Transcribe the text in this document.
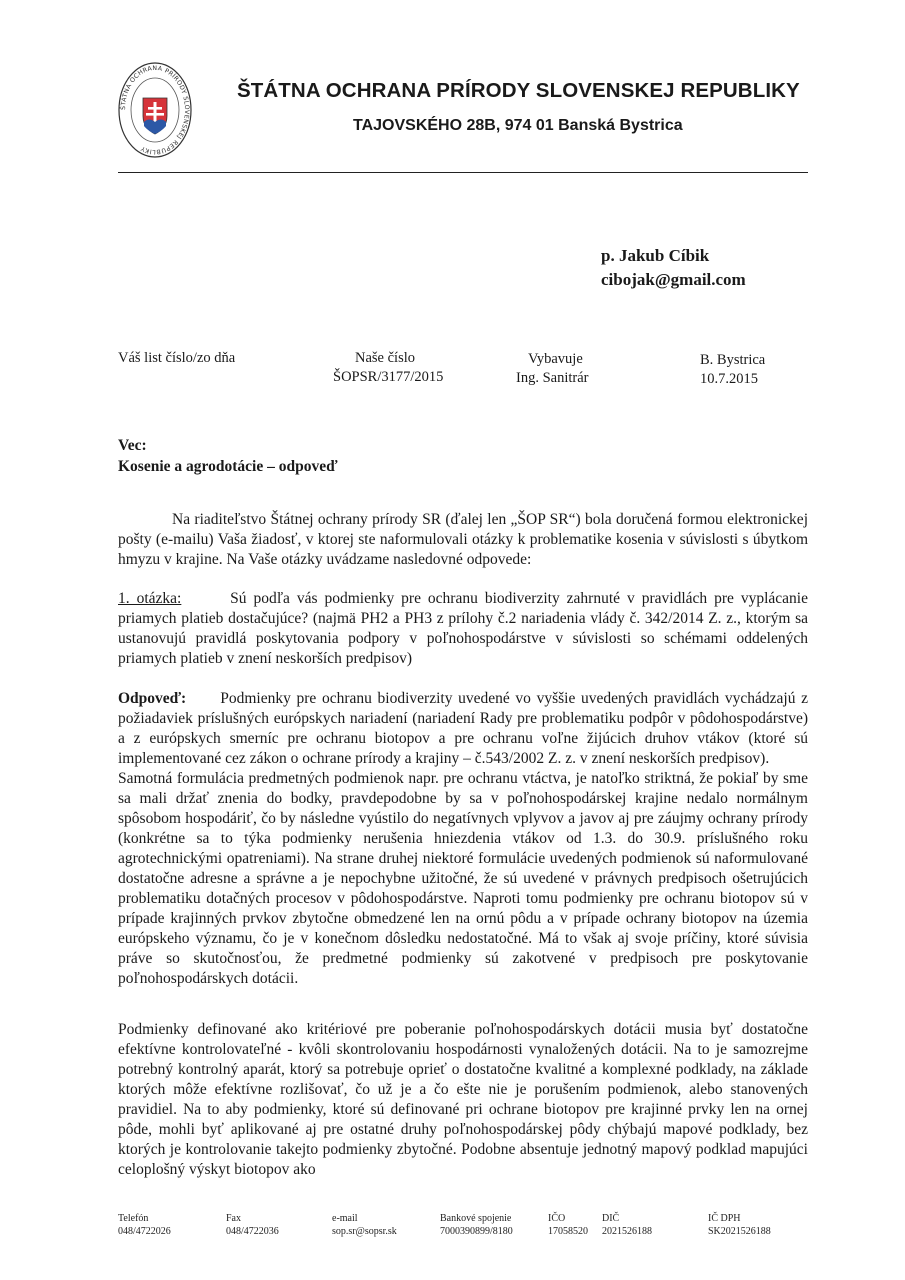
ŠTÁTNA OCHRANA PRÍRODY SLOVENSKEJ REPUBLIKY
ŠTÁTNA OCHRANA PRÍRODY SLOVENSKEJ REPUBLIKY
TAJOVSKÉHO 28B, 974 01 Banská Bystrica
p. Jakub Cíbik
cibojak@gmail.com
Váš list číslo/zo dňa	Naše číslo
ŠOPSR/3177/2015
Vybavuje
Ing. Sanitrár
B. Bystrica
10.7.2015
Vec:
Kosenie a agrodotácie – odpoveď

Na riaditeľstvo Štátnej ochrany prírody SR (ďalej len „ŠOP SR“) bola doručená formou elektronickej pošty (e-mailu) Vaša žiadosť, v ktorej ste naformulovali otázky k problematike kosenia v súvislosti s úbytkom hmyzu v krajine. Na Vaše otázky uvádzame nasledovné odpovede:

1. otázka:	Sú podľa vás podmienky pre ochranu biodiverzity zahrnuté v pravidlách pre vyplácanie priamych platieb dostačujúce? (najmä PH2 a PH3 z prílohy č.2 nariadenia vlády č. 342/2014 Z. z., ktorým sa ustanovujú pravidlá poskytovania podpory v poľnohospodárstve v súvislosti so schémami oddelených priamych platieb v znení neskorších predpisov)

Odpoveď: Podmienky pre ochranu biodiverzity uvedené vo vyššie uvedených pravidlách vychádzajú z požiadaviek príslušných európskych nariadení (nariadení Rady pre problematiku podpôr v pôdohospodárstve) a z európskych smerníc pre ochranu biotopov a pre ochranu voľne žijúcich druhov vtákov (ktoré sú implementované cez zákon o ochrane prírody a krajiny – č.543/2002 Z. z. v znení neskorších predpisov).

Samotná formulácia predmetných podmienok napr. pre ochranu vtáctva, je natoľko striktná, že pokiaľ by sme sa mali držať znenia do bodky, pravdepodobne by sa v poľnohospodárskej krajine nedalo normálnym spôsobom hospodáriť, čo by následne vyústilo do negatívnych vplyvov a javov aj pre záujmy ochrany prírody (konkrétne sa to týka podmienky nerušenia hniezdenia vtákov od 1.3. do 30.9. príslušného roku agrotechnickými opatreniami). Na strane druhej niektoré formulácie uvedených podmienok sú naformulované dostatočne adresne a správne a je nepochybne užitočné, že sú uvedené v právnych predpisoch ošetrujúcich problematiku dotačných procesov v pôdohospodárstve. Naproti tomu podmienky pre ochranu biotopov sú v prípade krajinných prvkov zbytočne obmedzené len na ornú pôdu a v prípade ochrany biotopov na územia európskeho významu, čo je v konečnom dôsledku nedostatočné. Má to však aj svoje príčiny, ktoré súvisia práve so skutočnosťou, že predmetné podmienky sú zakotvené v predpisoch pre poskytovanie poľnohospodárskych dotácii.

Podmienky definované ako kritériové pre poberanie poľnohospodárskych dotácii musia byť dostatočne efektívne kontrolovateľné - kvôli skontrolovaniu hospodárnosti vynaložených dotácii. Na to je samozrejme potrebný kontrolný aparát, ktorý sa potrebuje oprieť o dostatočne kvalitné a komplexné podklady, na základe ktorých môže efektívne rozlišovať, čo už je a čo ešte nie je porušením podmienok, alebo stanovených pravidiel. Na to aby podmienky, ktoré sú definované pri ochrane biotopov pre krajinné prvky len na ornej pôde, mohli byť aplikované aj pre ostatné druhy poľnohospodárskej pôdy chýbajú mapové podklady, bez ktorých je kontrolovanie takejto podmienky zbytočné. Podobne absentuje jednotný mapový podklad mapujúci celoplošný výskyt biotopov ako

Telefón
048/4722026
Fax
048/4722036
e-mail
sop.sr@sopsr.sk
Bankové spojenie
7000390899/8180
IČO
17058520
DIČ
2021526188
IČ DPH
SK2021526188
